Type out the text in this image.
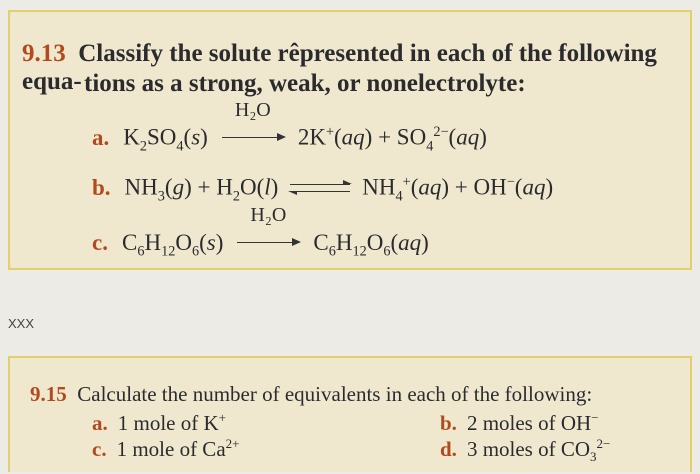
9.13 Classify the solute rêpresented in each of the following equa- tions as a strong, weak, or nonelectrolyte:
a. $K_2SO_4(s)$
H₂O
$2K^+(aq) + SO_4^{2-}(aq)$
b. $NH_3(g) + H_2O(l)$ ⇌ $NH_4^+(aq) + OH^-(aq)$
c. $C_6H_{12}O_6(s)$
H₂O
$C_6H_{12}O_6(aq)$
XXX
9.15 Calculate the number of equivalents in each of the following:
a. 1 mole of K+	b. 2 moles of OH−
c. 1 mole of $Ca^{2+}$	d. 3 moles of $CO_3^{2-}$
